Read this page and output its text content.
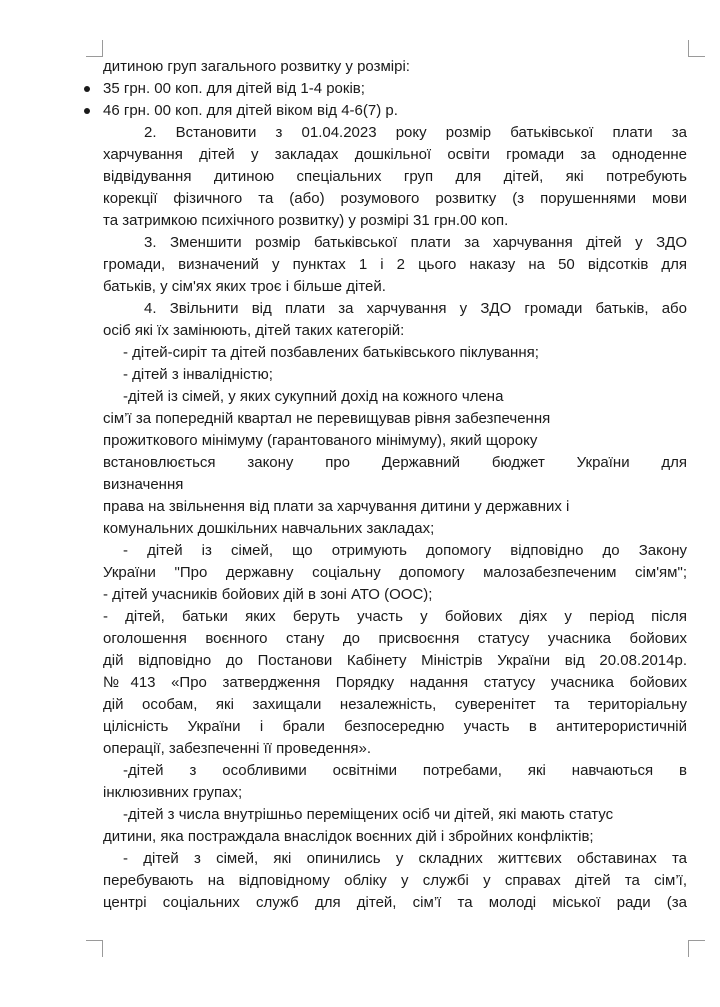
дитиною груп загального розвитку у розмірі:
35 грн. 00 коп. для дітей від 1-4 років;
46 грн. 00 коп. для дітей віком від 4-6(7) р.
2. Встановити з 01.04.2023 року розмір батьківської плати за
харчування дітей у закладах дошкільної освіти громади за одноденне
відвідування дитиною спеціальних груп для дітей, які потребують
корекції фізичного та (або) розумового розвитку (з порушеннями мови
та затримкою психічного розвитку) у розмірі 31 грн.00 коп.
3. Зменшити розмір батьківської плати за харчування дітей у ЗДО
громади, визначений у пунктах 1 і 2 цього наказу на 50 відсотків для
батьків, у сім'ях яких троє і більше дітей.
4. Звільнити від плати за харчування у ЗДО громади батьків, або
осіб які їх замінюють, дітей таких категорій:
- дітей-сиріт та дітей позбавлених батьківського піклування;
- дітей з інвалідністю;
-дітей із сімей, у яких сукупний дохід на кожного члена
сім’ї за попередній квартал не перевищував рівня забезпечення
прожиткового мінімуму (гарантованого мінімуму), який щороку
встановлюється закону про Державний бюджет України для
визначення
права на звільнення від плати за харчування дитини у державних і
комунальних дошкільних навчальних закладах;
- дітей із сімей, що отримують допомогу відповідно до Закону
України "Про державну соціальну допомогу малозабезпеченим сім'ям";
- дітей учасників бойових дій в зоні АТО (ООС);
- дітей, батьки яких беруть участь у бойових діях у період після
оголошення воєнного стану до присвоєння статусу учасника бойових
дій відповідно до Постанови Кабінету Міністрів України від 20.08.2014р.
№413 «Про затвердження Порядку надання статусу учасника бойових
дій особам, які захищали незалежність, суверенітет та територіальну
цілісність України і брали безпосередню участь в антитерористичній
операції, забезпеченні її проведення».
-дітей з особливими освітніми потребами, які навчаються в
інклюзивних групах;
-дітей з числа внутрішньо переміщених осіб чи дітей, які мають статус
дитини, яка постраждала внаслідок воєнних дій і збройних конфліктів;
- дітей з сімей, які опинились у складних життєвих обставинах та
перебувають на відповідному обліку у службі у справах дітей та сім’ї,
центрі соціальних служб для дітей, сім’ї та молоді міської ради (за
